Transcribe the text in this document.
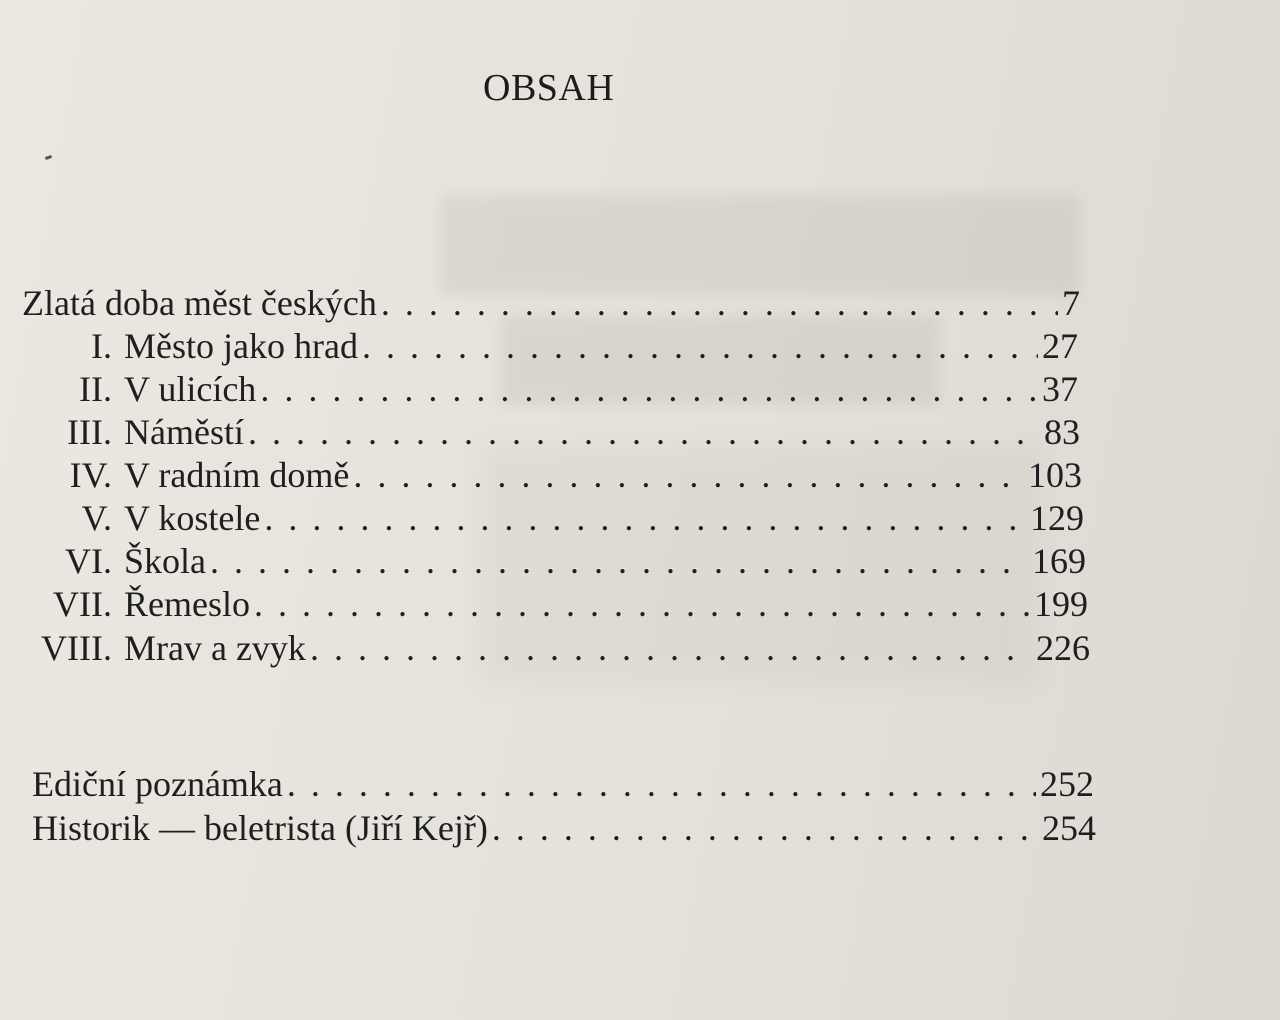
OBSAH
Zlatá doba měst českých . . .	7
I. Město jako hrad . . .	27
II. V ulicích . . .	37
III. Náměstí . . .	83
IV. V radním domě . . .	103
V. V kostele . . .	129
VI. Škola . . .	169
VII. Řemeslo . . .	199
VIII. Mrav a zvyk . . .	226
Ediční poznámka . . .	252
Historik — beletrista (Jiří Kejř) . . .	254
